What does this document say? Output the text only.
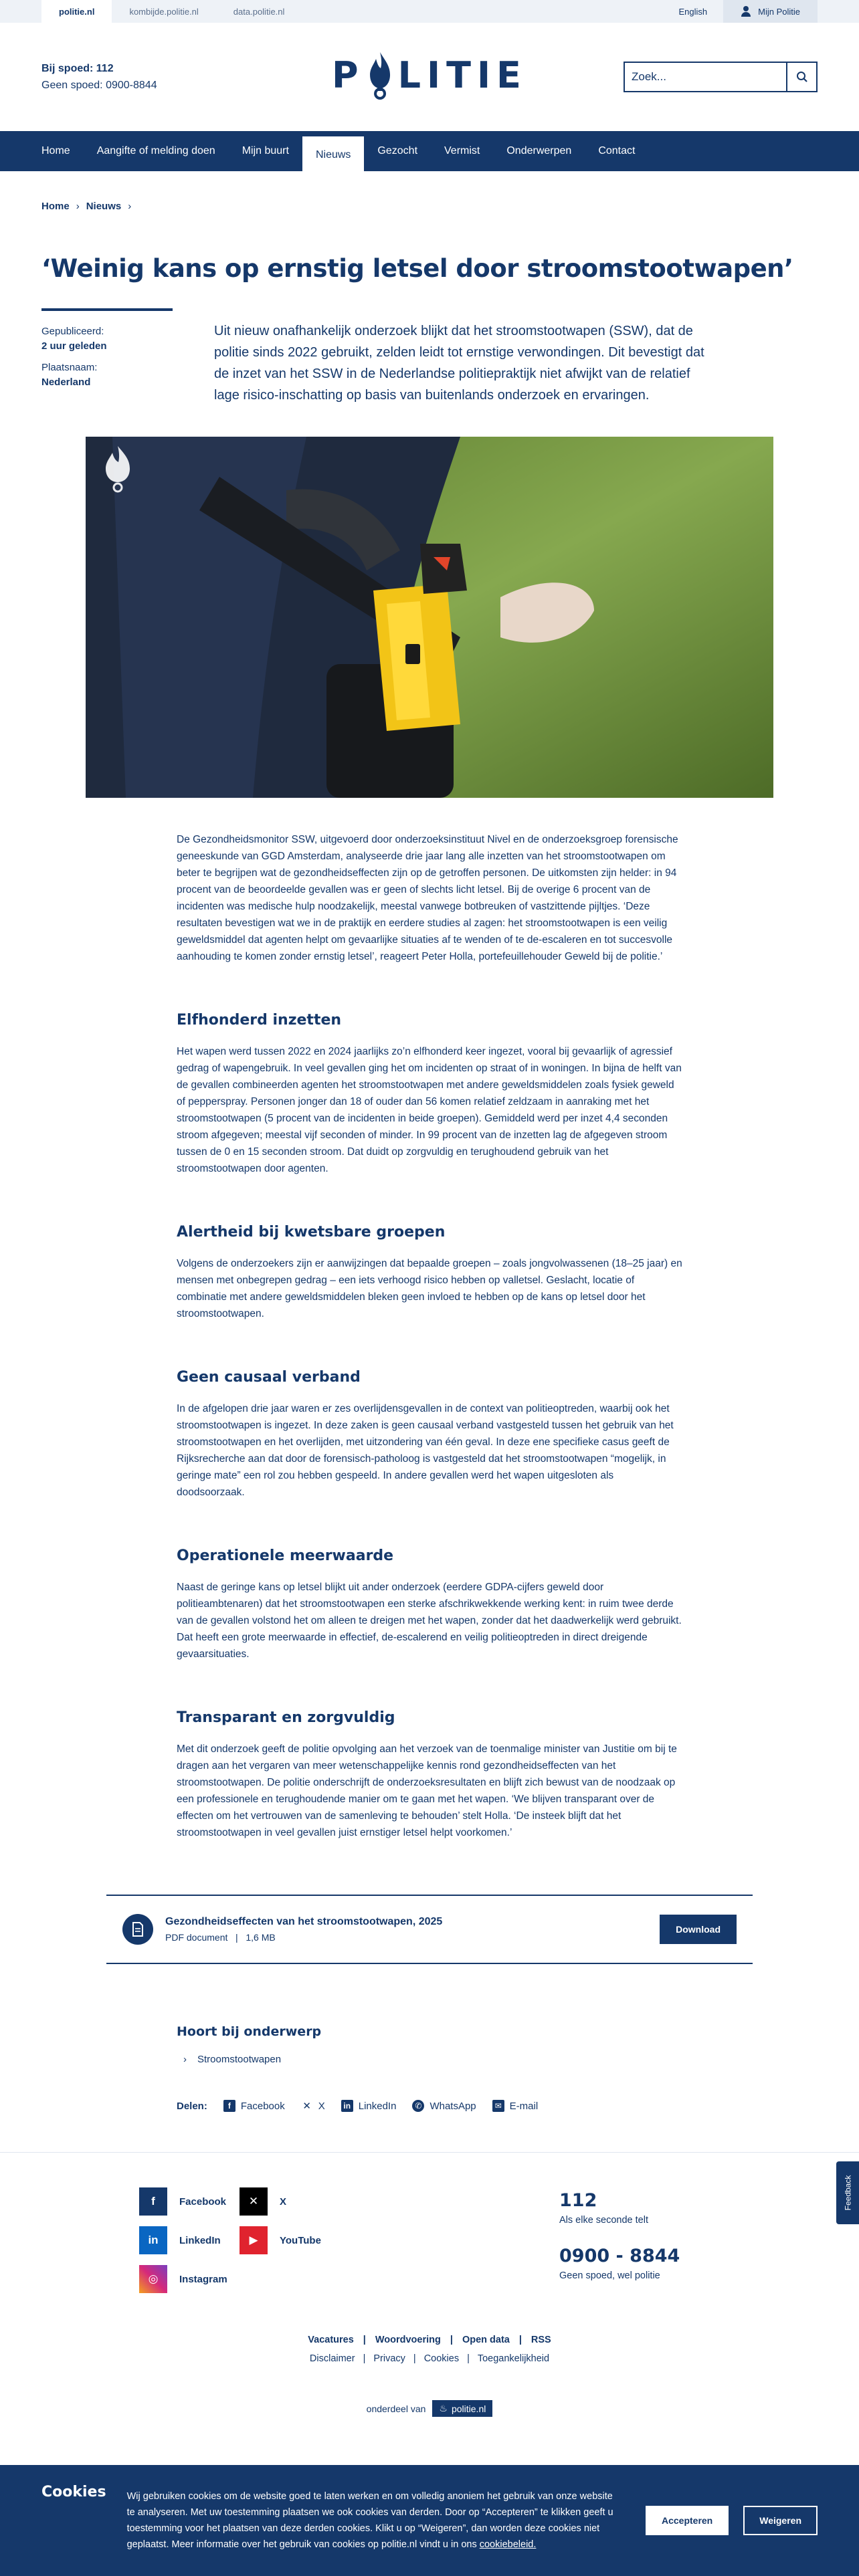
politie.nl	kombijde.politie.nl	data.politie.nl	English	Mijn Politie
Bij spoed: 112
Geen spoed: 0900-8844	P LITIE
Zoek...
Home	Aangifte of melding doen	Mijn buurt	Nieuws	Gezocht	Vermist	Onderwerpen	Contact
Home › Nieuws ›
‘Weinig kans op ernstig letsel door stroomstootwapen’
Gepubliceerd:
2 uur geleden
Plaatsnaam:
Nederland

Uit nieuw onafhankelijk onderzoek blijkt dat het stroomstootwapen (SSW), dat de politie sinds 2022 gebruikt, zelden leidt tot ernstige verwondingen. Dit bevestigt dat de inzet van het SSW in de Nederlandse politiepraktijk niet afwijkt van de relatief lage risico-inschatting op basis van buitenlands onderzoek en ervaringen.

De Gezondheidsmonitor SSW, uitgevoerd door onderzoeksinstituut Nivel en de onderzoeksgroep forensische geneeskunde van GGD Amsterdam, analyseerde drie jaar lang alle inzetten van het stroomstootwapen om beter te begrijpen wat de gezondheidseffecten zijn op de getroffen personen. De uitkomsten zijn helder: in 94 procent van de beoordeelde gevallen was er geen of slechts licht letsel. Bij de overige 6 procent van de incidenten was medische hulp noodzakelijk, meestal vanwege botbreuken of vastzittende pijltjes. ‘Deze resultaten bevestigen wat we in de praktijk en eerdere studies al zagen: het stroomstootwapen is een veilig geweldsmiddel dat agenten helpt om gevaarlijke situaties af te wenden of te de-escaleren en tot succesvolle aanhouding te komen zonder ernstig letsel’, reageert Peter Holla, portefeuillehouder Geweld bij de politie.’

Elfhonderd inzetten

Het wapen werd tussen 2022 en 2024 jaarlijks zo’n elfhonderd keer ingezet, vooral bij gevaarlijk of agressief gedrag of wapengebruik. In veel gevallen ging het om incidenten op straat of in woningen. In bijna de helft van de gevallen combineerden agenten het stroomstootwapen met andere geweldsmiddelen zoals fysiek geweld of pepperspray. Personen jonger dan 18 of ouder dan 56 komen relatief zeldzaam in aanraking met het stroomstootwapen (5 procent van de incidenten in beide groepen). Gemiddeld werd per inzet 4,4 seconden stroom afgegeven; meestal vijf seconden of minder. In 99 procent van de inzetten lag de afgegeven stroom tussen de 0 en 15 seconden stroom. Dat duidt op zorgvuldig en terughoudend gebruik van het stroomstootwapen door agenten.

Alertheid bij kwetsbare groepen

Volgens de onderzoekers zijn er aanwijzingen dat bepaalde groepen – zoals jongvolwassenen (18–25 jaar) en mensen met onbegrepen gedrag – een iets verhoogd risico hebben op valletsel. Geslacht, locatie of combinatie met andere geweldsmiddelen bleken geen invloed te hebben op de kans op letsel door het stroomstootwapen.

Geen causaal verband

In de afgelopen drie jaar waren er zes overlijdensgevallen in de context van politieoptreden, waarbij ook het stroomstootwapen is ingezet. In deze zaken is geen causaal verband vastgesteld tussen het gebruik van het stroomstootwapen en het overlijden, met uitzondering van één geval. In deze ene specifieke casus geeft de Rijksrecherche aan dat door de forensisch-patholoog is vastgesteld dat het stroomstootwapen “mogelijk, in geringe mate” een rol zou hebben gespeeld. In andere gevallen werd het wapen uitgesloten als doodsoorzaak.

Operationele meerwaarde

Naast de geringe kans op letsel blijkt uit ander onderzoek (eerdere GDPA-cijfers geweld door politieambtenaren) dat het stroomstootwapen een sterke afschrikwekkende werking kent: in ruim twee derde van de gevallen volstond het om alleen te dreigen met het wapen, zonder dat het daadwerkelijk werd gebruikt. Dat heeft een grote meerwaarde in effectief, de-escalerend en veilig politieoptreden in direct dreigende gevaarsituaties.

Transparant en zorgvuldig

Met dit onderzoek geeft de politie opvolging aan het verzoek van de toenmalige minister van Justitie om bij te dragen aan het vergaren van meer wetenschappelijke kennis rond gezondheidseffecten van het stroomstootwapen. De politie onderschrijft de onderzoeksresultaten en blijft zich bewust van de noodzaak op een professionele en terughoudende manier om te gaan met het wapen. ‘We blijven transparant over de effecten om het vertrouwen van de samenleving te behouden’ stelt Holla. ‘De insteek blijft dat het stroomstootwapen in veel gevallen juist ernstiger letsel helpt voorkomen.’

Gezondheidseffecten van het stroomstootwapen, 2025
PDF document   |   1,6 MB
Download
Hoort bij onderwerp
› Stroomstootwapen
Delen:	f	Facebook ✕ X	in LinkedIn	✆ WhatsApp	✉ E-mail
f	Facebook	✕	X
in	LinkedIn	▶	YouTube
◎	Instagram
112
Als elke seconde telt
0900 - 8844
Geen spoed, wel politie
Vacatures | Woordvoering | Open data | RSS
Disclaimer | Privacy | Cookies | Toegankelijkheid
onderdeel van ♨ politie.nl
Feedback
Cookies	Wij gebruiken cookies om de website goed te laten werken en om volledig anoniem het gebruik van onze website te analyseren. Met uw toestemming plaatsen we ook cookies van derden. Door op “Accepteren” te klikken geeft u toestemming voor het plaatsen van deze derden cookies. Klikt u op “Weigeren”, dan worden deze cookies niet geplaatst. Meer informatie over het gebruik van cookies op politie.nl vindt u in ons cookiebeleid.

Accepteren	Weigeren
